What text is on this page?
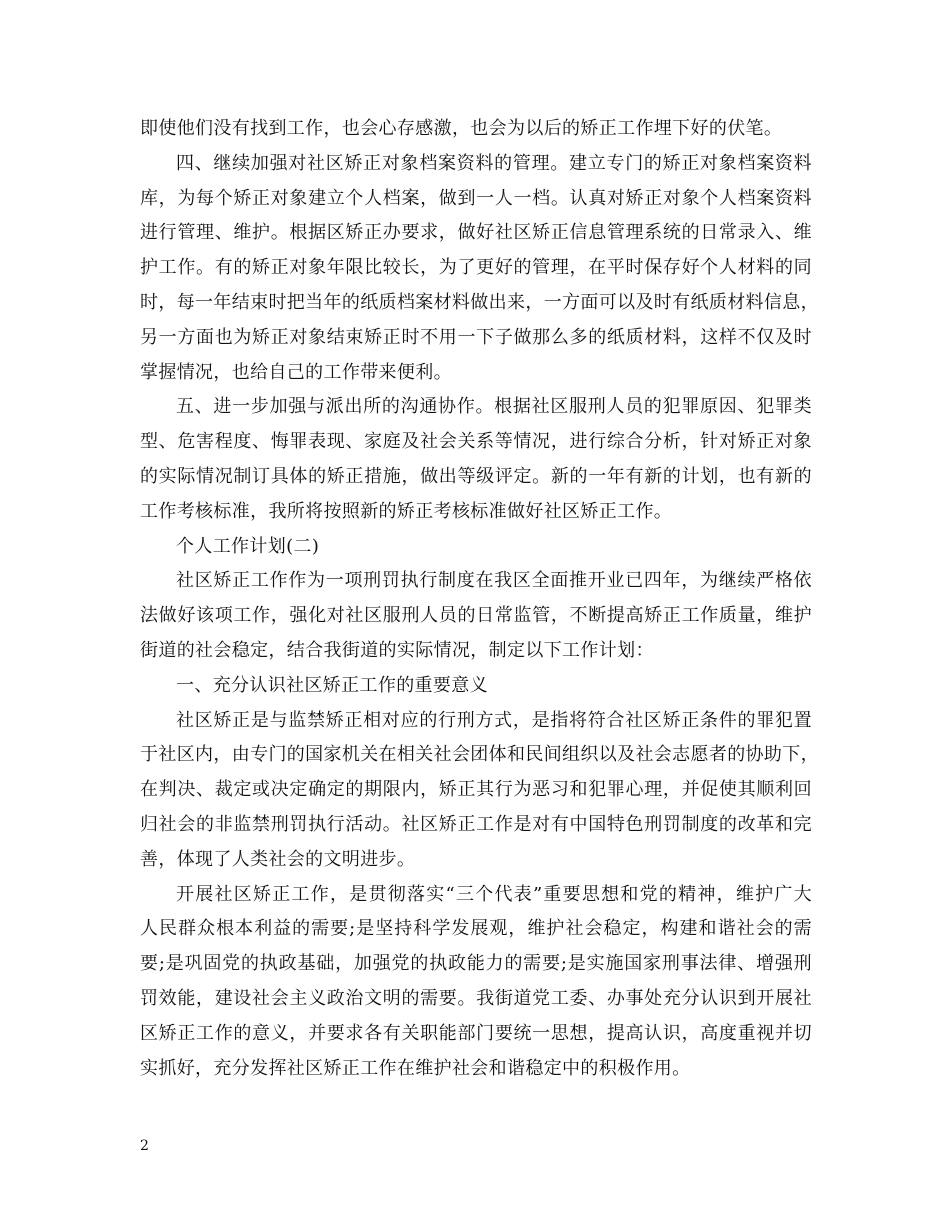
即使他们没有找到工作，也会心存感激，也会为以后的矫正工作埋下好的伏笔。
四、继续加强对社区矫正对象档案资料的管理。建立专门的矫正对象档案资料
库，为每个矫正对象建立个人档案，做到一人一档。认真对矫正对象个人档案资料
进行管理、维护。根据区矫正办要求，做好社区矫正信息管理系统的日常录入、维
护工作。有的矫正对象年限比较长，为了更好的管理，在平时保存好个人材料的同
时，每一年结束时把当年的纸质档案材料做出来，一方面可以及时有纸质材料信息，
另一方面也为矫正对象结束矫正时不用一下子做那么多的纸质材料，这样不仅及时
掌握情况，也给自己的工作带来便利。
五、进一步加强与派出所的沟通协作。根据社区服刑人员的犯罪原因、犯罪类
型、危害程度、悔罪表现、家庭及社会关系等情况，进行综合分析，针对矫正对象
的实际情况制订具体的矫正措施，做出等级评定。新的一年有新的计划，也有新的
工作考核标准，我所将按照新的矫正考核标准做好社区矫正工作。
个人工作计划(二)
社区矫正工作作为一项刑罚执行制度在我区全面推开业已四年，为继续严格依
法做好该项工作，强化对社区服刑人员的日常监管，不断提高矫正工作质量，维护
街道的社会稳定，结合我街道的实际情况，制定以下工作计划：
一、充分认识社区矫正工作的重要意义
社区矫正是与监禁矫正相对应的行刑方式，是指将符合社区矫正条件的罪犯置
于社区内，由专门的国家机关在相关社会团体和民间组织以及社会志愿者的协助下，
在判决、裁定或决定确定的期限内，矫正其行为恶习和犯罪心理，并促使其顺利回
归社会的非监禁刑罚执行活动。社区矫正工作是对有中国特色刑罚制度的改革和完
善，体现了人类社会的文明进步。
开展社区矫正工作，是贯彻落实“三个代表”重要思想和党的精神，维护广大
人民群众根本利益的需要;是坚持科学发展观，维护社会稳定，构建和谐社会的需
要;是巩固党的执政基础，加强党的执政能力的需要;是实施国家刑事法律、增强刑
罚效能，建设社会主义政治文明的需要。我街道党工委、办事处充分认识到开展社
区矫正工作的意义，并要求各有关职能部门要统一思想，提高认识，高度重视并切
实抓好，充分发挥社区矫正工作在维护社会和谐稳定中的积极作用。
2
